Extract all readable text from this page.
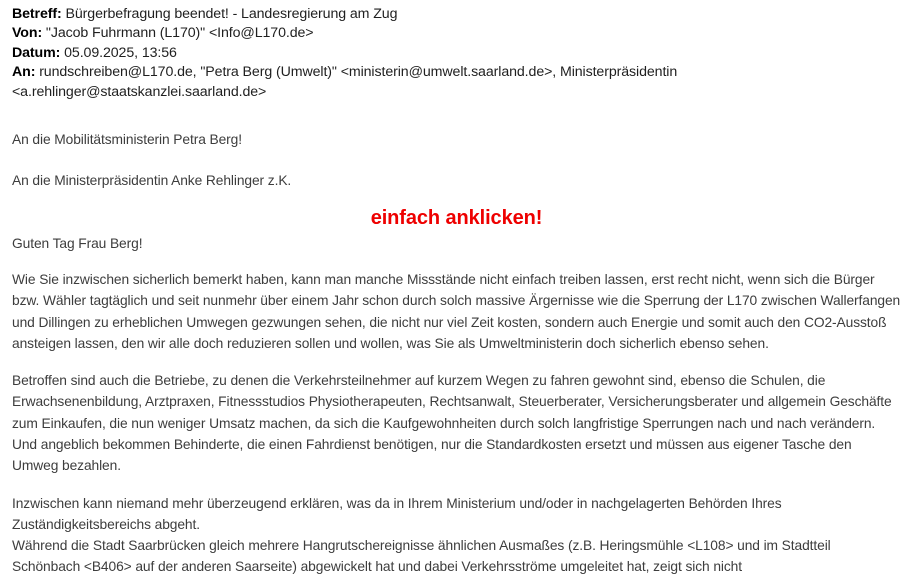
Betreff: Bürgerbefragung beendet! - Landesregierung am Zug

Von: "Jacob Fuhrmann (L170)" <Info@L170.de>

Datum: 05.09.2025, 13:56

An: rundschreiben@L170.de, "Petra Berg (Umwelt)" <ministerin@umwelt.saarland.de>, Ministerpräsidentin <a.rehlinger@staatskanzlei.saarland.de>

An die Mobilitätsministerin Petra Berg!

An die Ministerpräsidentin Anke Rehlinger z.K.

einfach anklicken!

Guten Tag Frau Berg!

Wie Sie inzwischen sicherlich bemerkt haben, kann man manche Missstände nicht einfach treiben lassen, erst recht nicht, wenn sich die Bürger bzw. Wähler tagtäglich und seit nunmehr über einem Jahr schon durch solch massive Ärgernisse wie die Sperrung der L170 zwischen Wallerfangen und Dillingen zu erheblichen Umwegen gezwungen sehen, die nicht nur viel Zeit kosten, sondern auch Energie und somit auch den CO2-Ausstoß ansteigen lassen, den wir alle doch reduzieren sollen und wollen, was Sie als Umweltministerin doch sicherlich ebenso sehen.

Betroffen sind auch die Betriebe, zu denen die Verkehrsteilnehmer auf kurzem Wegen zu fahren gewohnt sind, ebenso die Schulen, die Erwachsenenbildung, Arztpraxen, Fitnessstudios Physiotherapeuten, Rechtsanwalt, Steuerberater, Versicherungsberater und allgemein Geschäfte zum Einkaufen, die nun weniger Umsatz machen, da sich die Kaufgewohnheiten durch solch langfristige Sperrungen nach und nach verändern. Und angeblich bekommen Behinderte, die einen Fahrdienst benötigen, nur die Standardkosten ersetzt und müssen aus eigener Tasche den Umweg bezahlen.

Inzwischen kann niemand mehr überzeugend erklären, was da in Ihrem Ministerium und/oder in nachgelagerten Behörden Ihres Zuständigkeitsbereichs abgeht.

Während die Stadt Saarbrücken gleich mehrere Hangrutschereignisse ähnlichen Ausmaßes (z.B. Heringsmühle <L108> und im Stadtteil Schönbach <B406> auf der anderen Saarseite) abgewickelt hat und dabei Verkehrsströme umgeleitet hat, zeigt sich nicht
